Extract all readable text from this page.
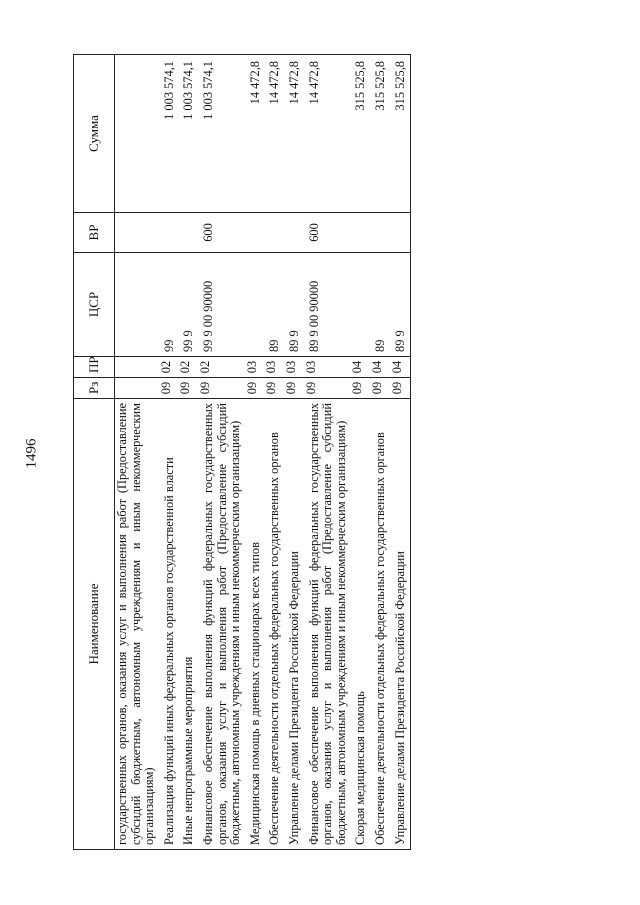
1496
Наименование	Рз	ПР	ЦСР	ВР	Сумма
государственных органов, оказания услуг и выполнения работ (Предоставление субсидий бюджетным, автономным учреждениям и иным некоммерческим организациям)					
Реализация функций иных федеральных органов государственной власти	09	02	99		1 003 574,1
Иные непрограммные мероприятия	09	02	99 9		1 003 574,1
Финансовое обеспечение выполнения функций федеральных государственных органов, оказания услуг и выполнения работ (Предоставление субсидий бюджетным, автономным учреждениям и иным некоммерческим организациям)	09	02	99 9 00 90000	600	1 003 574,1
Медицинская помощь в дневных стационарах всех типов	09	03			14 472,8
Обеспечение деятельности отдельных федеральных государственных органов	09	03	89		14 472,8
Управление делами Президента Российской Федерации	09	03	89 9		14 472,8
Финансовое обеспечение выполнения функций федеральных государственных органов, оказания услуг и выполнения работ (Предоставление субсидий бюджетным, автономным учреждениям и иным некоммерческим организациям)	09	03	89 9 00 90000	600	14 472,8
Скорая медицинская помощь	09	04			315 525,8
Обеспечение деятельности отдельных федеральных государственных органов	09	04	89		315 525,8
Управление делами Президента Российской Федерации	09	04	89 9		315 525,8
